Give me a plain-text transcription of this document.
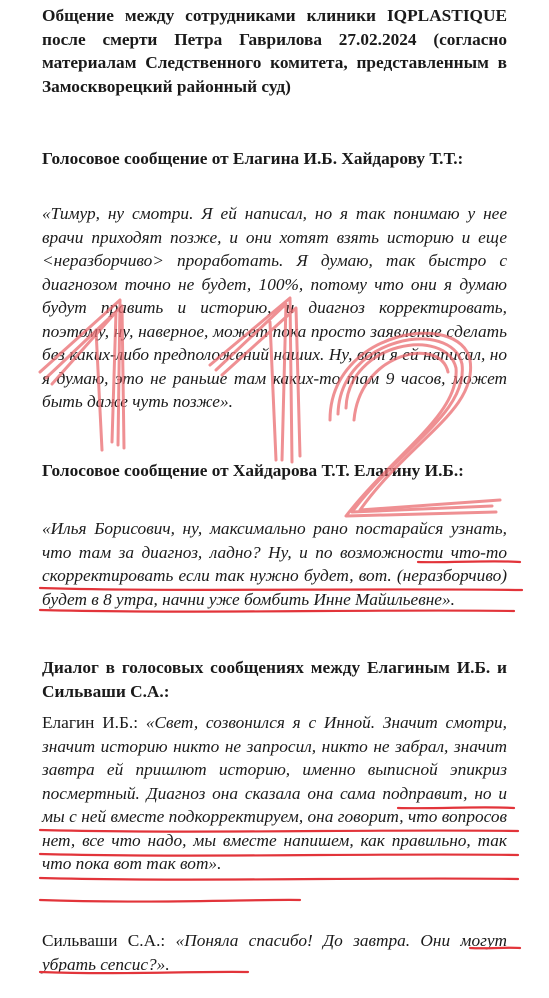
Общение между сотрудниками клиники IQPLASTIQUE после смерти Петра Гаврилова 27.02.2024 (согласно материалам Следственного комитета, представленным в Замоскворецкий районный суд)

Голосовое сообщение от Елагина И.Б. Хайдарову Т.Т.:

«Тимур, ну смотри. Я ей написал, но я так понимаю у нее врачи приходят позже, и они хотят взять историю и еще <неразборчиво> проработать. Я думаю, так быстро с диагнозом точно не будет, 100%, потому что они я думаю будут править и историю, и диагноз корректировать, поэтому, ну, наверное, может пока просто заявление сделать без каких-либо предположений наших. Ну, вот я ей написал, но я думаю, это не раньше там каких-то там 9 часов, может быть даже чуть позже».

Голосовое сообщение от Хайдарова Т.Т. Елагину И.Б.:

«Илья Борисович, ну, максимально рано постарайся узнать, что там за диагноз, ладно? Ну, и по возможности что-то скорректировать если так нужно будет, вот. (неразборчиво) будет в 8 утра, начни уже бомбить Инне Майильевне».

Диалог в голосовых сообщениях между Елагиным И.Б. и Сильваши С.А.:

Елагин И.Б.: «Свет, созвонился я с Инной. Значит смотри, значит историю никто не запросил, никто не забрал, значит завтра ей пришлют историю, именно выписной эпикриз посмертный. Диагноз она сказала она сама подправит, но и мы с ней вместе подкорректируем, она говорит, что вопросов нет, все что надо, мы вместе напишем, как правильно, так что пока вот так вот».

Сильваши С.А.: «Поняла спасибо! До завтра. Они могут убрать сепсис?».
